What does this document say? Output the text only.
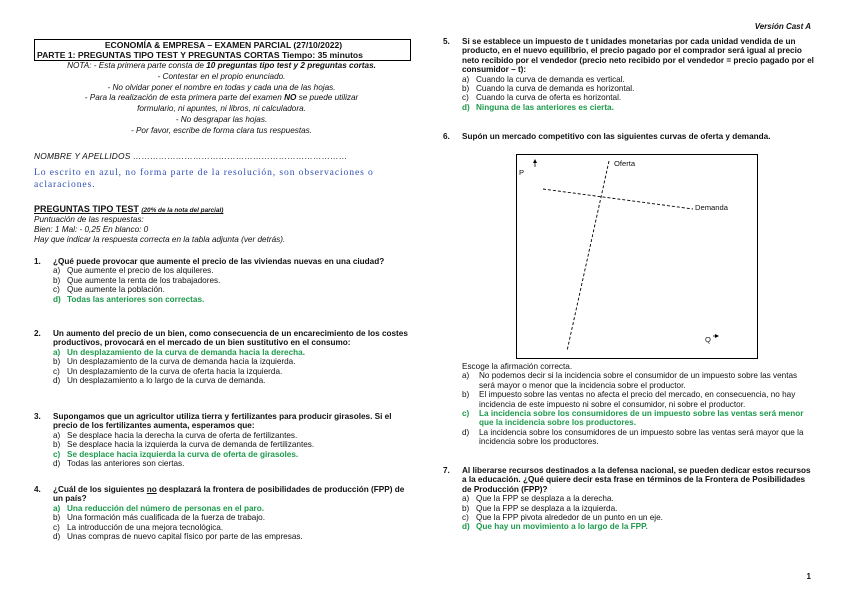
Versión Cast A
ECONOMÍA & EMPRESA – EXAMEN PARCIAL (27/10/2022)
PARTE 1: PREGUNTAS TIPO TEST Y PREGUNTAS CORTAS Tiempo: 35 minutos
NOTA: - Esta primera parte consta de 10 preguntas tipo test y 2 preguntas cortas.
- Contestar en el propio enunciado.
- No olvidar poner el nombre en todas y cada una de las hojas.
- Para la realización de esta primera parte del examen NO se puede utilizar
formulario, ni apuntes, ni libros, ni calculadora.
- No desgrapar las hojas.
- Por favor, escribe de forma clara tus respuestas.
NOMBRE Y APELLIDOS …………………………………………………………………
Lo escrito en azul, no forma parte de la resolución, son observaciones o aclaraciones.
PREGUNTAS TIPO TEST (20% de la nota del parcial)
Puntuación de las respuestas:
Bien: 1 Mal: - 0,25 En blanco: 0
Hay que indicar la respuesta correcta en la tabla adjunta (ver detrás).
1. ¿Qué puede provocar que aumente el precio de las viviendas nuevas en una ciudad?
a) Que aumente el precio de los alquileres.
b) Que aumente la renta de los trabajadores.
c) Que aumente la población.
d) Todas las anteriores son correctas.
2. Un aumento del precio de un bien, como consecuencia de un encarecimiento de los costes productivos, provocará en el mercado de un bien sustitutivo en el consumo:
a) Un desplazamiento de la curva de demanda hacia la derecha.
b) Un desplazamiento de la curva de demanda hacia la izquierda.
c) Un desplazamiento de la curva de oferta hacia la izquierda.
d) Un desplazamiento a lo largo de la curva de demanda.
3. Supongamos que un agricultor utiliza tierra y fertilizantes para producir girasoles. Si el precio de los fertilizantes aumenta, esperamos que:
a) Se desplace hacia la derecha la curva de oferta de fertilizantes.
b) Se desplace hacia la izquierda la curva de demanda de fertilizantes.
c) Se desplace hacia izquierda la curva de oferta de girasoles.
d) Todas las anteriores son ciertas.
4. ¿Cuál de los siguientes no desplazará la frontera de posibilidades de producción (FPP) de un país?
a) Una reducción del número de personas en el paro.
b) Una formación más cualificada de la fuerza de trabajo.
c) La introducción de una mejora tecnológica.
d) Unas compras de nuevo capital físico por parte de las empresas.
5. Si se establece un impuesto de t unidades monetarias por cada unidad vendida de un producto, en el nuevo equilibrio, el precio pagado por el comprador será igual al precio neto recibido por el vendedor (precio neto recibido por el vendedor = precio pagado por el consumidor – t):
a) Cuando la curva de demanda es vertical.
b) Cuando la curva de demanda es horizontal.
c) Cuando la curva de oferta es horizontal.
d) Ninguna de las anteriores es cierta.
6. Supón un mercado competitivo con las siguientes curvas de oferta y demanda.
P
Q
Oferta
Demanda
Escoge la afirmación correcta.
a) No podemos decir si la incidencia sobre el consumidor de un impuesto sobre las ventas será mayor o menor que la incidencia sobre el productor.
b) El impuesto sobre las ventas no afecta el precio del mercado, en consecuencia, no hay incidencia de este impuesto ni sobre el consumidor, ni sobre el productor.
c) La incidencia sobre los consumidores de un impuesto sobre las ventas será menor que la incidencia sobre los productores.
d) La incidencia sobre los consumidores de un impuesto sobre las ventas será mayor que la incidencia sobre los productores.
7. Al liberarse recursos destinados a la defensa nacional, se pueden dedicar estos recursos a la educación. ¿Qué quiere decir esta frase en términos de la Frontera de Posibilidades de Producción (FPP)?
a) Que la FPP se desplaza a la derecha.
b) Que la FPP se desplaza a la izquierda.
c) Que la FPP pivota alrededor de un punto en un eje.
d) Que hay un movimiento a lo largo de la FPP.
1
